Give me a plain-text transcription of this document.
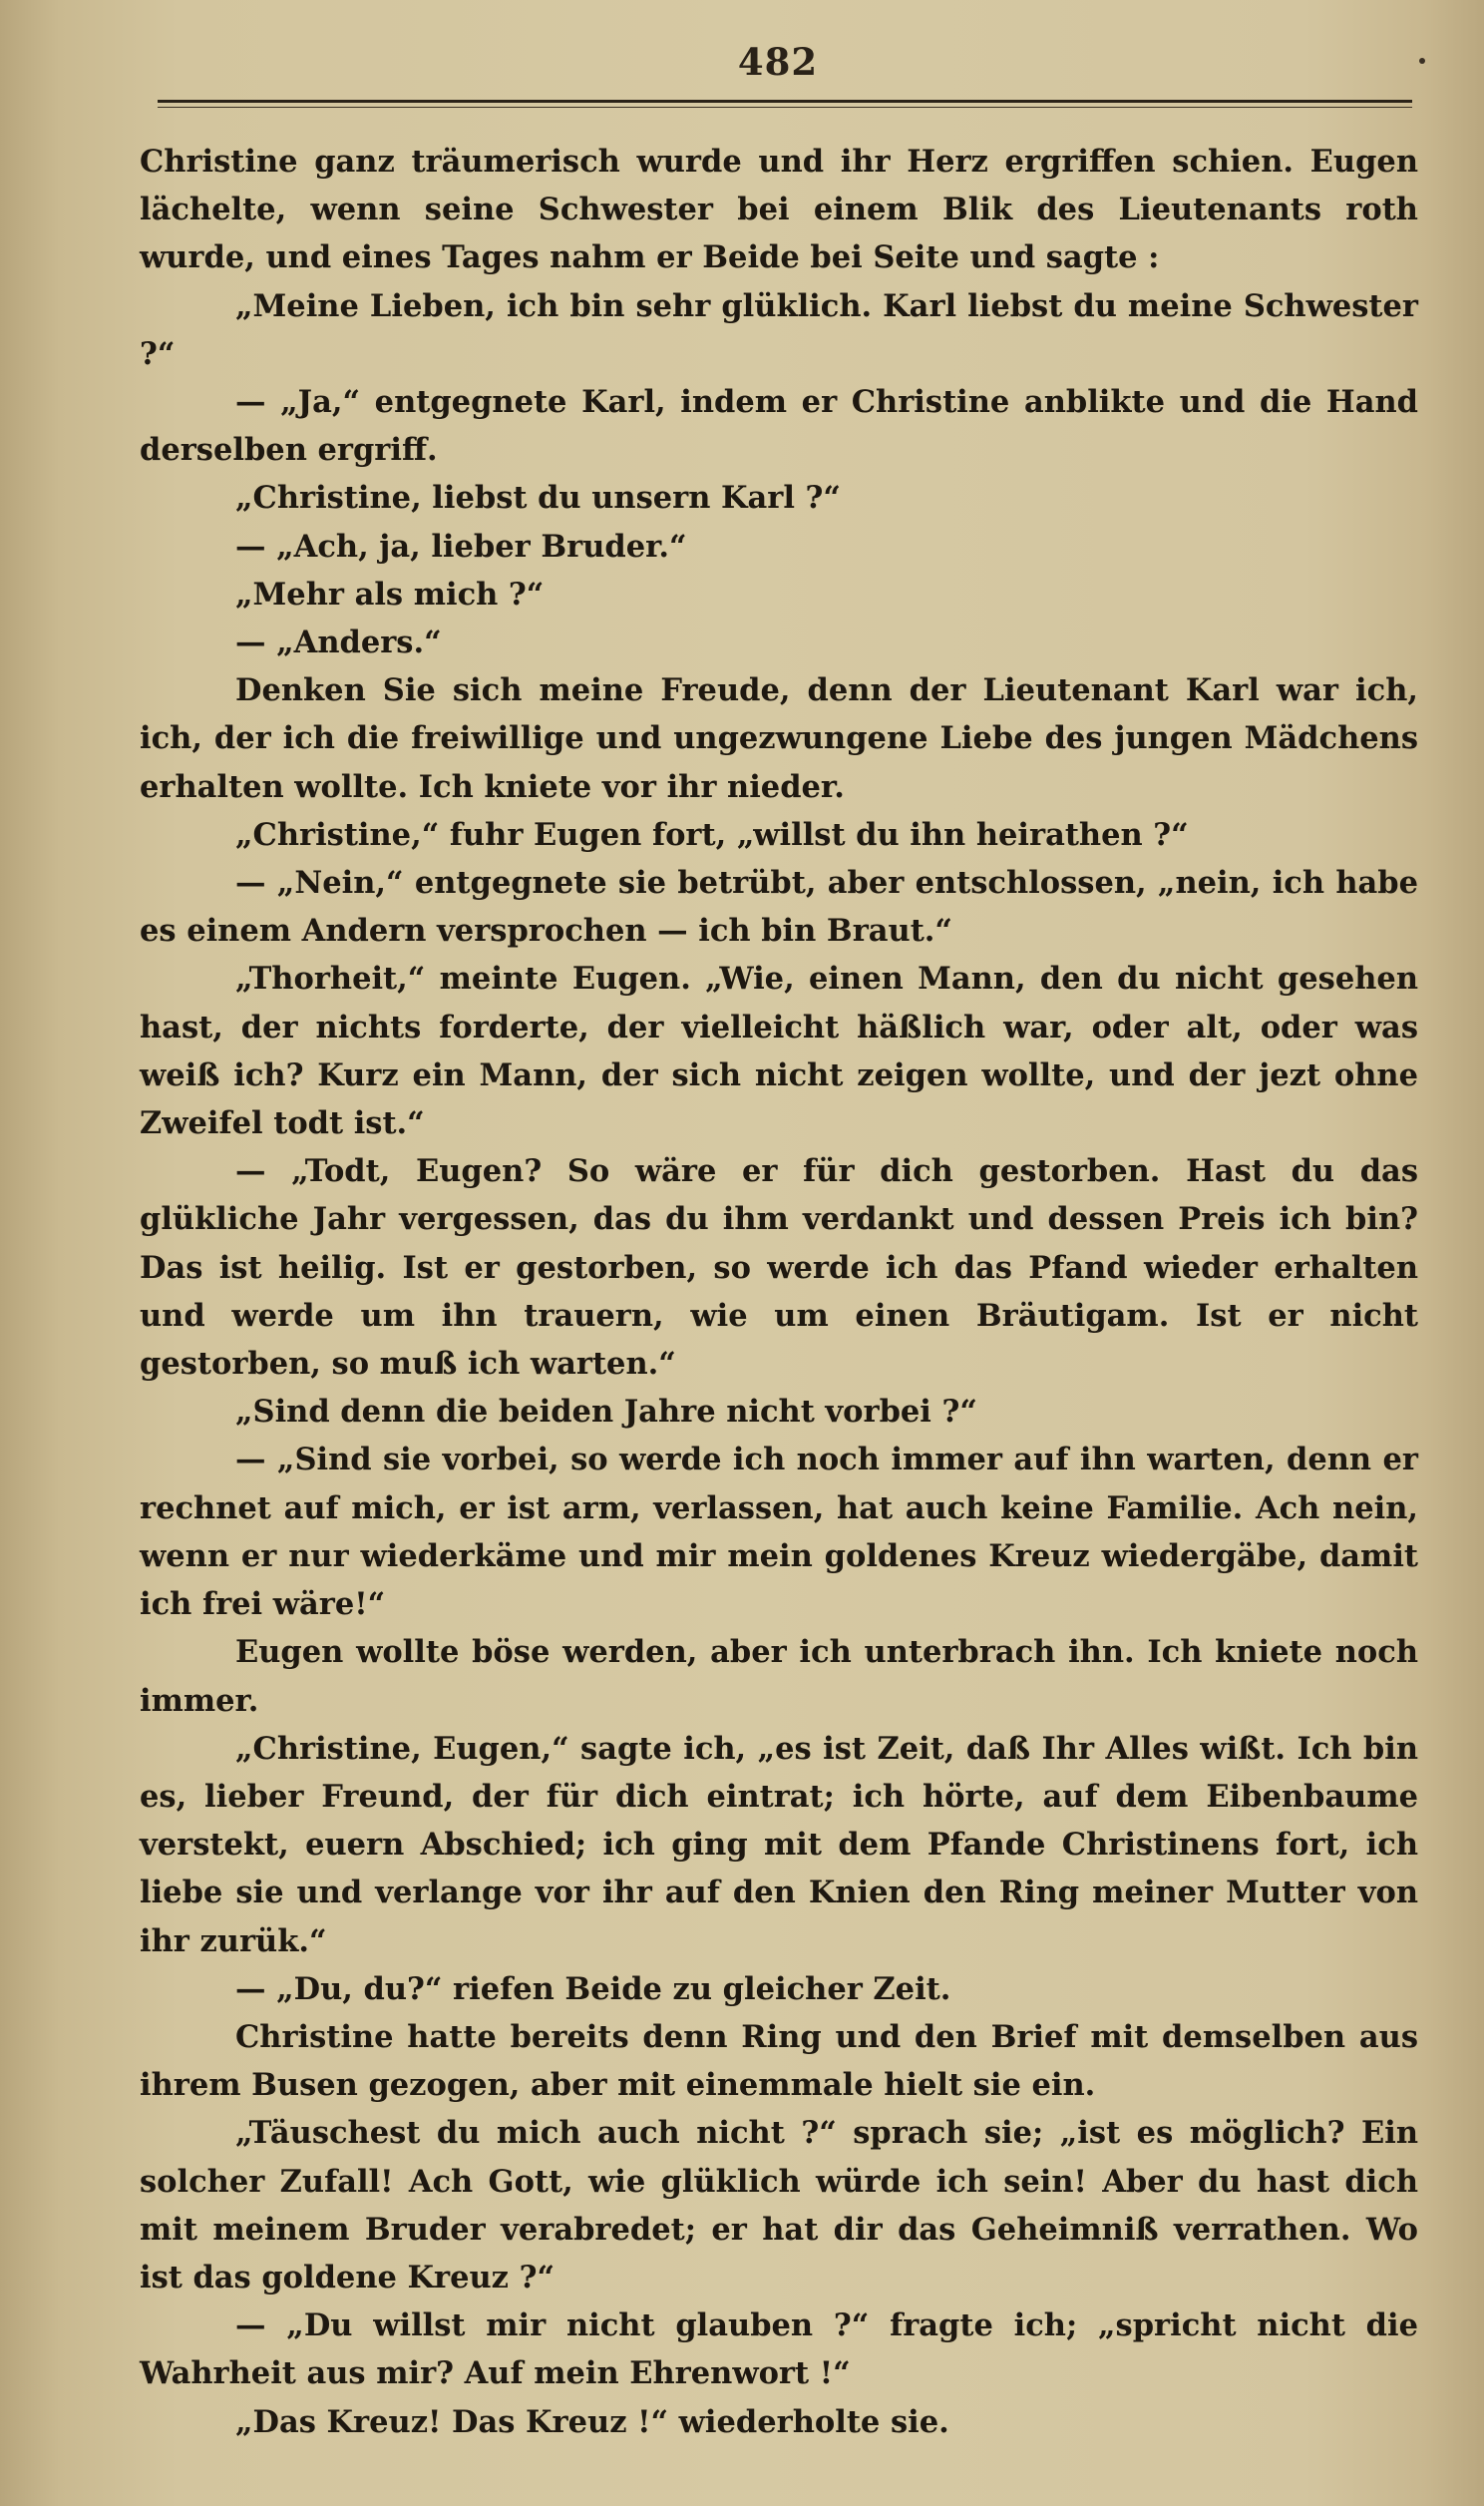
482

Christine ganz träumerisch wurde und ihr Herz ergriffen schien. Eugen lächelte, wenn seine Schwester bei einem Blik des Lieutenants roth wurde, und eines Tages nahm er Beide bei Seite und sagte :

„Meine Lieben, ich bin sehr glüklich. Karl liebst du meine Schwester ?“

— „Ja,“ entgegnete Karl, indem er Christine anblikte und die Hand derselben ergriff.

„Christine, liebst du unsern Karl ?“

— „Ach, ja, lieber Bruder.“

„Mehr als mich ?“

— „Anders.“

Denken Sie sich meine Freude, denn der Lieutenant Karl war ich, ich, der ich die freiwillige und ungezwungene Liebe des jungen Mädchens erhalten wollte. Ich kniete vor ihr nieder.

„Christine,“ fuhr Eugen fort, „willst du ihn heirathen ?“

— „Nein,“ entgegnete sie betrübt, aber entschlossen, „nein, ich habe es einem Andern versprochen — ich bin Braut.“

„Thorheit,“ meinte Eugen. „Wie, einen Mann, den du nicht gesehen hast, der nichts forderte, der vielleicht häßlich war, oder alt, oder was weiß ich? Kurz ein Mann, der sich nicht zeigen wollte, und der jezt ohne Zweifel todt ist.“

— „Todt, Eugen? So wäre er für dich gestorben. Hast du das glükliche Jahr vergessen, das du ihm verdankt und dessen Preis ich bin? Das ist heilig. Ist er gestorben, so werde ich das Pfand wieder erhalten und werde um ihn trauern, wie um einen Bräutigam. Ist er nicht gestorben, so muß ich warten.“

„Sind denn die beiden Jahre nicht vorbei ?“

— „Sind sie vorbei, so werde ich noch immer auf ihn warten, denn er rechnet auf mich, er ist arm, verlassen, hat auch keine Familie. Ach nein, wenn er nur wiederkäme und mir mein goldenes Kreuz wiedergäbe, damit ich frei wäre!“

Eugen wollte böse werden, aber ich unterbrach ihn. Ich kniete noch immer.

„Christine, Eugen,“ sagte ich, „es ist Zeit, daß Ihr Alles wißt. Ich bin es, lieber Freund, der für dich eintrat; ich hörte, auf dem Eibenbaume verstekt, euern Abschied; ich ging mit dem Pfande Christinens fort, ich liebe sie und verlange vor ihr auf den Knien den Ring meiner Mutter von ihr zurük.“

— „Du, du?“ riefen Beide zu gleicher Zeit.

Christine hatte bereits denn Ring und den Brief mit demselben aus ihrem Busen gezogen, aber mit einemmale hielt sie ein.

„Täuschest du mich auch nicht ?“ sprach sie; „ist es möglich? Ein solcher Zufall! Ach Gott, wie glüklich würde ich sein! Aber du hast dich mit meinem Bruder verabredet; er hat dir das Geheimniß verrathen. Wo ist das goldene Kreuz ?“

— „Du willst mir nicht glauben ?“ fragte ich; „spricht nicht die Wahrheit aus mir? Auf mein Ehrenwort !“

„Das Kreuz! Das Kreuz !“ wiederholte sie.
